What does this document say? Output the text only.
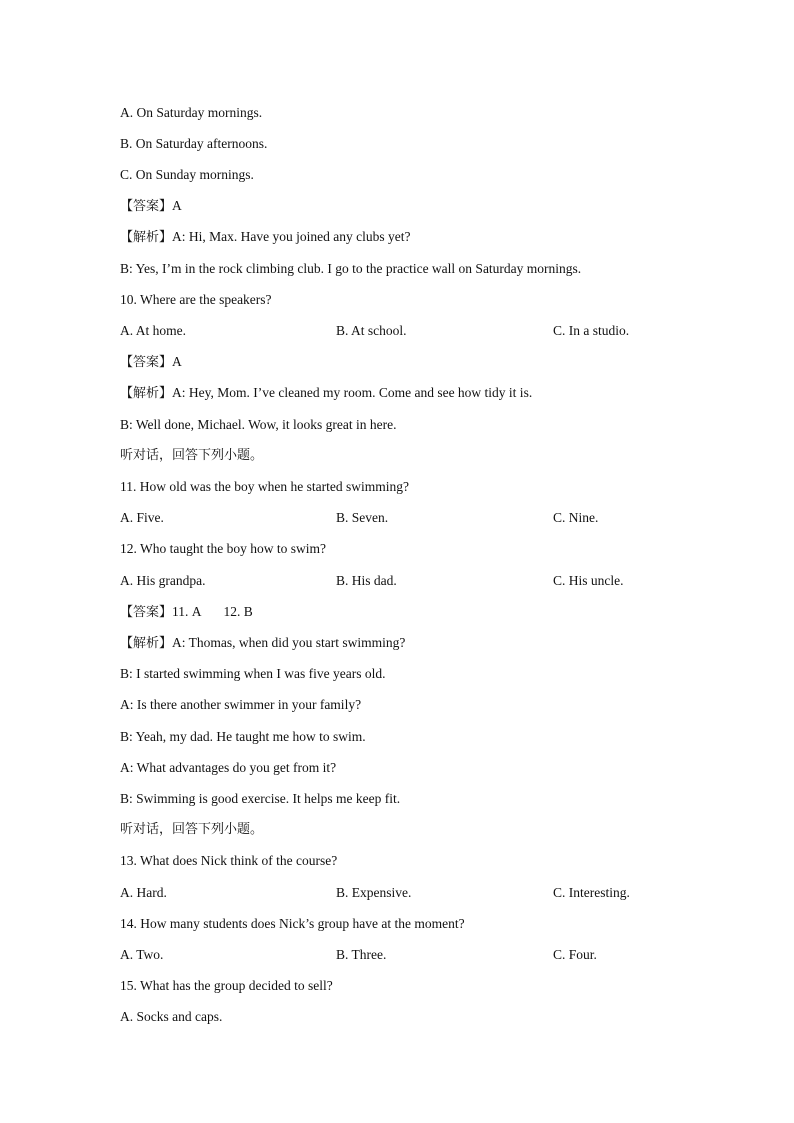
A. On Saturday mornings.
B. On Saturday afternoons.
C. On Sunday mornings.
【答案】A
【解析】A: Hi, Max. Have you joined any clubs yet?
B: Yes, I’m in the rock climbing club. I go to the practice wall on Saturday mornings.
10. Where are the speakers?
A. At home.	B. At school.	C. In a studio.
【答案】A
【解析】A: Hey, Mom. I’ve cleaned my room. Come and see how tidy it is.
B: Well done, Michael. Wow, it looks great in here.
听对话，回答下列小题。
11. How old was the boy when he started swimming?
A. Five.	B. Seven.	C. Nine.
12. Who taught the boy how to swim?
A. His grandpa.	B. His dad.	C. His uncle.
【答案】11. A 12. B
【解析】A: Thomas, when did you start swimming?
B: I started swimming when I was five years old.
A: Is there another swimmer in your family?
B: Yeah, my dad. He taught me how to swim.
A: What advantages do you get from it?
B: Swimming is good exercise. It helps me keep fit.
听对话，回答下列小题。
13. What does Nick think of the course?
A. Hard.	B. Expensive.	C. Interesting.
14. How many students does Nick’s group have at the moment?
A. Two.	B. Three.	C. Four.
15. What has the group decided to sell?
A. Socks and caps.
